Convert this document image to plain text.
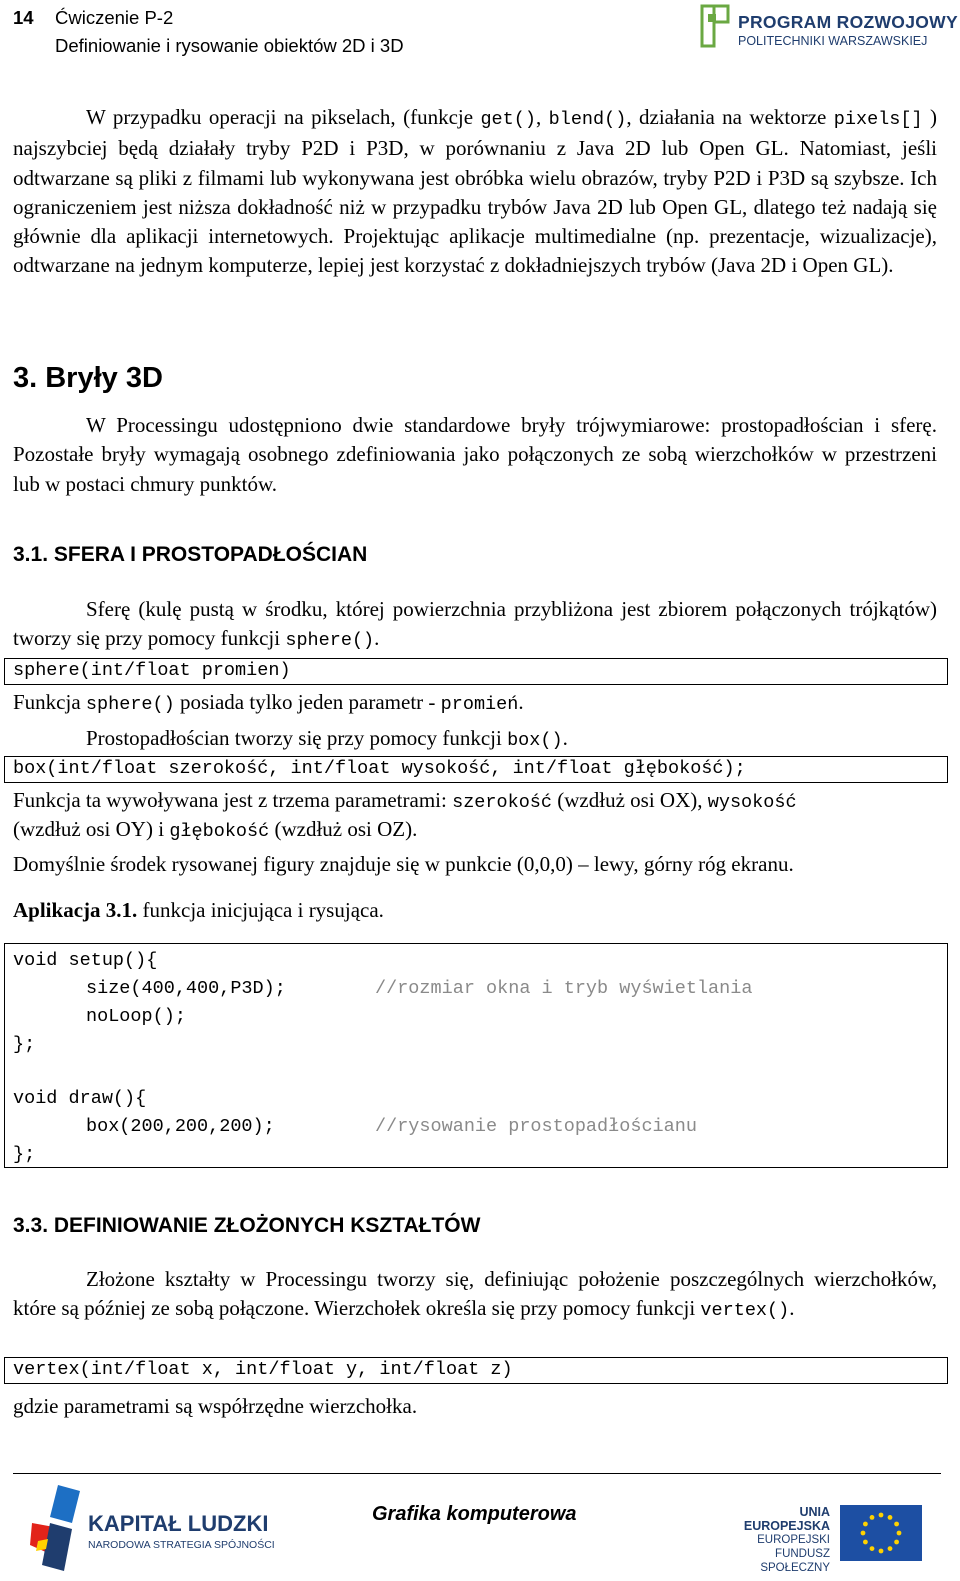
14 Ćwiczenie P-2
Definiowanie i rysowanie obiektów 2D i 3D
PROGRAM ROZWOJOWY
POLITECHNIKI WARSZAWSKIEJ

W przypadku operacji na pikselach, (funkcje get(), blend(), działania na wektorze pixels[] ) najszybciej będą działały tryby P2D i P3D, w porównaniu z Java 2D lub Open GL. Natomiast, jeśli odtwarzane są pliki z filmami lub wykonywana jest obróbka wielu obrazów, tryby P2D i P3D są szybsze. Ich ograniczeniem jest niższa dokładność niż w przypadku trybów Java 2D lub Open GL, dlatego też nadają się głównie dla aplikacji internetowych. Projektując aplikacje multimedialne (np. prezentacje, wizualizacje), odtwarzane na jednym komputerze, lepiej jest korzystać z dokładniejszych trybów (Java 2D i Open GL).

3. Bryły 3D

W Processingu udostępniono dwie standardowe bryły trójwymiarowe: prostopadłościan i sferę. Pozostałe bryły wymagają osobnego zdefiniowania jako połączonych ze sobą wierzchołków w przestrzeni lub w postaci chmury punktów.

3.1. SFERA I PROSTOPADŁOŚCIAN

Sferę (kulę pustą w środku, której powierzchnia przybliżona jest zbiorem połączonych trójkątów) tworzy się przy pomocy funkcji sphere().

sphere(int/float promien)
Funkcja sphere() posiada tylko jeden parametr - promień.
Prostopadłościan tworzy się przy pomocy funkcji box().
box(int/float szerokość, int/float wysokość, int/float głębokość);
Funkcja ta wywoływana jest z trzema parametrami: szerokość (wzdłuż osi OX), wysokość
(wzdłuż osi OY) i głębokość (wzdłuż osi OZ).
Domyślnie środek rysowanej figury znajduje się w punkcie (0,0,0) – lewy, górny róg ekranu.
Aplikacja 3.1. funkcja inicjująca i rysująca.
void setup(){
size(400,400,P3D);	//rozmiar okna i tryb wyświetlania
noLoop();
};
void draw(){
box(200,200,200);	//rysowanie prostopadłościanu
};
3.3. DEFINIOWANIE ZŁOŻONYCH KSZTAŁTÓW

Złożone kształty w Processingu tworzy się, definiując położenie poszczególnych wierzchołków, które są później ze sobą połączone. Wierzchołek określa się przy pomocy funkcji vertex().

vertex(int/float x, int/float y, int/float z)
gdzie parametrami są współrzędne wierzchołka.
KAPITAŁ LUDZKI
NARODOWA STRATEGIA SPÓJNOŚCI
Grafika komputerowa	UNIA EUROPEJSKA
EUROPEJSKI
FUNDUSZ SPOŁECZNY
